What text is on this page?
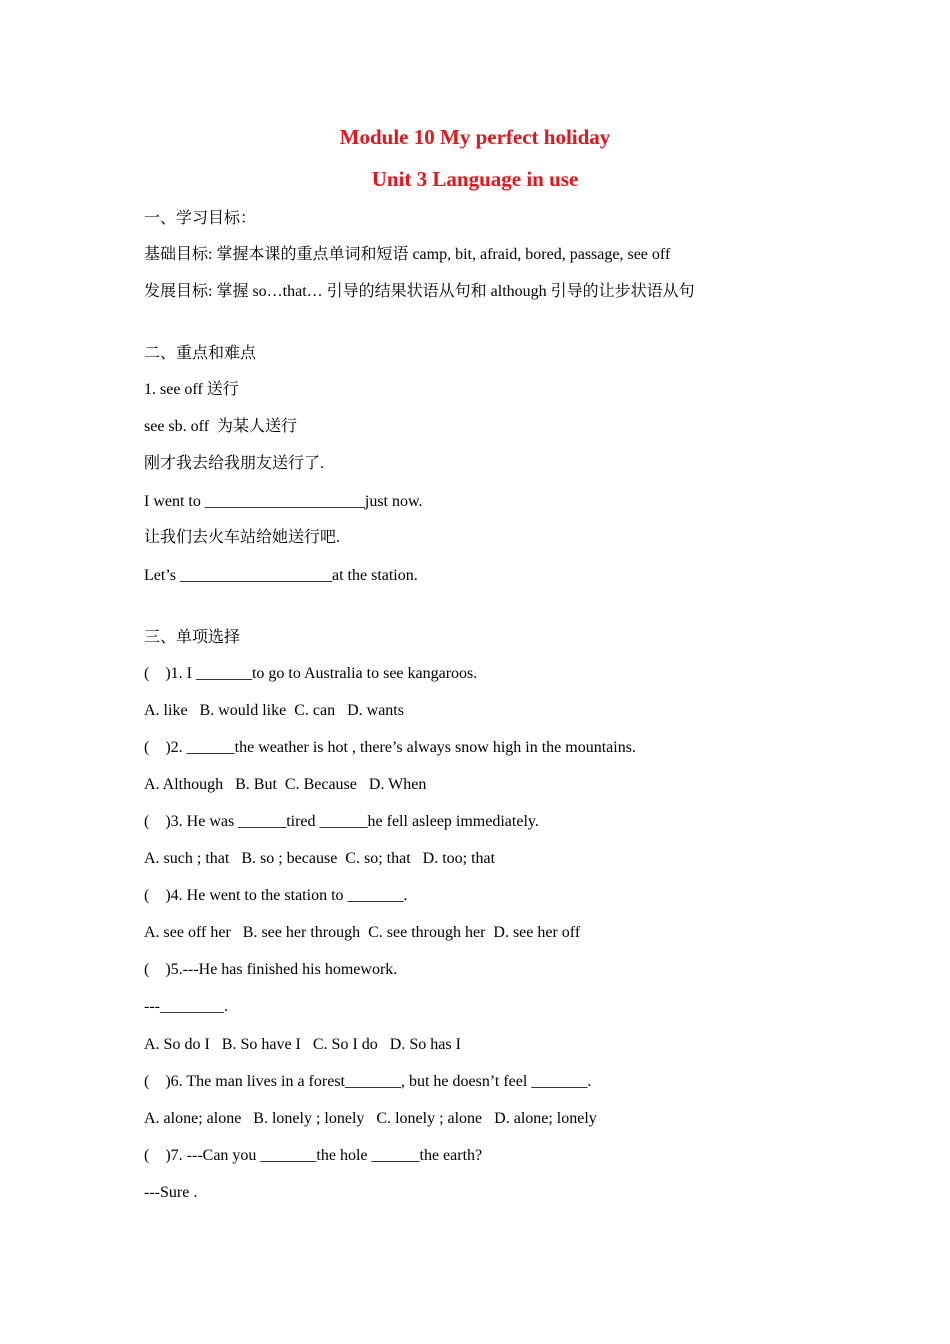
Module 10 My perfect holiday
Unit 3 Language in use
一、学习目标：
基础目标: 掌握本课的重点单词和短语 camp, bit, afraid, bored, passage, see off
发展目标: 掌握 so…that… 引导的结果状语从句和 although 引导的让步状语从句
二、重点和难点
1. see off 送行
see sb. off  为某人送行
刚才我去给我朋友送行了.
I went to ____________________just now.
让我们去火车站给她送行吧.
Let’s ___________________at the station.
三、单项选择
(    )1. I _______to go to Australia to see kangaroos.
A. like   B. would like  C. can   D. wants
(    )2. ______the weather is hot , there’s always snow high in the mountains.
A. Although   B. But  C. Because   D. When
(    )3. He was ______tired ______he fell asleep immediately.
A. such ; that   B. so ; because  C. so; that   D. too; that
(    )4. He went to the station to _______.
A. see off her   B. see her through  C. see through her  D. see her off
(    )5.---He has finished his homework.
---________.
A. So do I   B. So have I   C. So I do   D. So has I
(    )6. The man lives in a forest_______, but he doesn’t feel _______.
A. alone; alone   B. lonely ; lonely   C. lonely ; alone   D. alone; lonely
(    )7. ---Can you _______the hole ______the earth?
---Sure .
